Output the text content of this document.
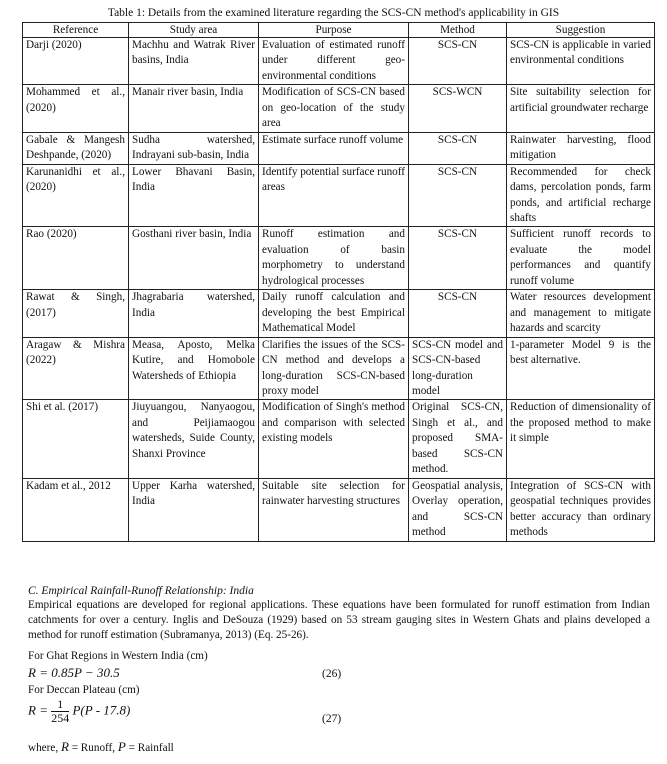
Table 1: Details from the examined literature regarding the SCS-CN method's applicability in GIS
Reference	Study area	Purpose	Method	Suggestion
Darji (2020)	Machhu and Watrak River basins, India	Evaluation of estimated runoff under different geo-environmental conditions	SCS-CN	SCS-CN is applicable in varied environmental conditions
Mohammed et al., (2020)	Manair river basin, India	Modification of SCS-CN based on geo-location of the study area	SCS-WCN	Site suitability selection for artificial groundwater recharge
Gabale & Mangesh Deshpande, (2020)	Sudha watershed, Indrayani sub-basin, India	Estimate surface runoff volume	SCS-CN	Rainwater harvesting, flood mitigation
Karunanidhi et al., (2020)	Lower Bhavani Basin, India	Identify potential surface runoff areas	SCS-CN	Recommended for check dams, percolation ponds, farm ponds, and artificial recharge shafts
Rao (2020)	Gosthani river basin, India	Runoff estimation and evaluation of basin morphometry to understand hydrological processes	SCS-CN	Sufficient runoff records to evaluate the model performances and quantify runoff volume
Rawat & Singh, (2017)	Jhagrabaria watershed, India	Daily runoff calculation and developing the best Empirical Mathematical Model	SCS-CN	Water resources development and management to mitigate hazards and scarcity
Aragaw & Mishra (2022)	Measa, Aposto, Melka Kutire, and Homobole Watersheds of Ethiopia	Clarifies the issues of the SCS-CN method and develops a long-duration SCS-CN-based proxy model	SCS-CN model and SCS-CN-based long-duration model	1-parameter Model 9 is the best alternative.
Shi et al. (2017)	Jiuyuangou, Nanyaogou, and Peijiamaogou watersheds, Suide County, Shanxi Province	Modification of Singh's method and comparison with selected existing models	Original SCS-CN, Singh et al., and proposed SMA-based SCS-CN method.	Reduction of dimensionality of the proposed method to make it simple
Kadam et al., 2012	Upper Karha watershed, India	Suitable site selection for rainwater harvesting structures	Geospatial analysis, Overlay operation, and SCS-CN method	Integration of SCS-CN with geospatial techniques provides better accuracy than ordinary methods
C. Empirical Rainfall-Runoff Relationship: India
Empirical equations are developed for regional applications. These equations have been formulated for runoff estimation from Indian catchments for over a century. Inglis and DeSouza (1929) based on 53 stream gauging sites in Western Ghats and plains developed a method for runoff estimation (Subramanya, 2013) (Eq. 25-26).
For Ghat Regions in Western India (cm)
R = 0.85P − 30.5	(26)
For Deccan Plateau (cm)
$R = \frac{1}{254} P(P - 17.8)$
(27)
where, R = Runoff, P = Rainfall
